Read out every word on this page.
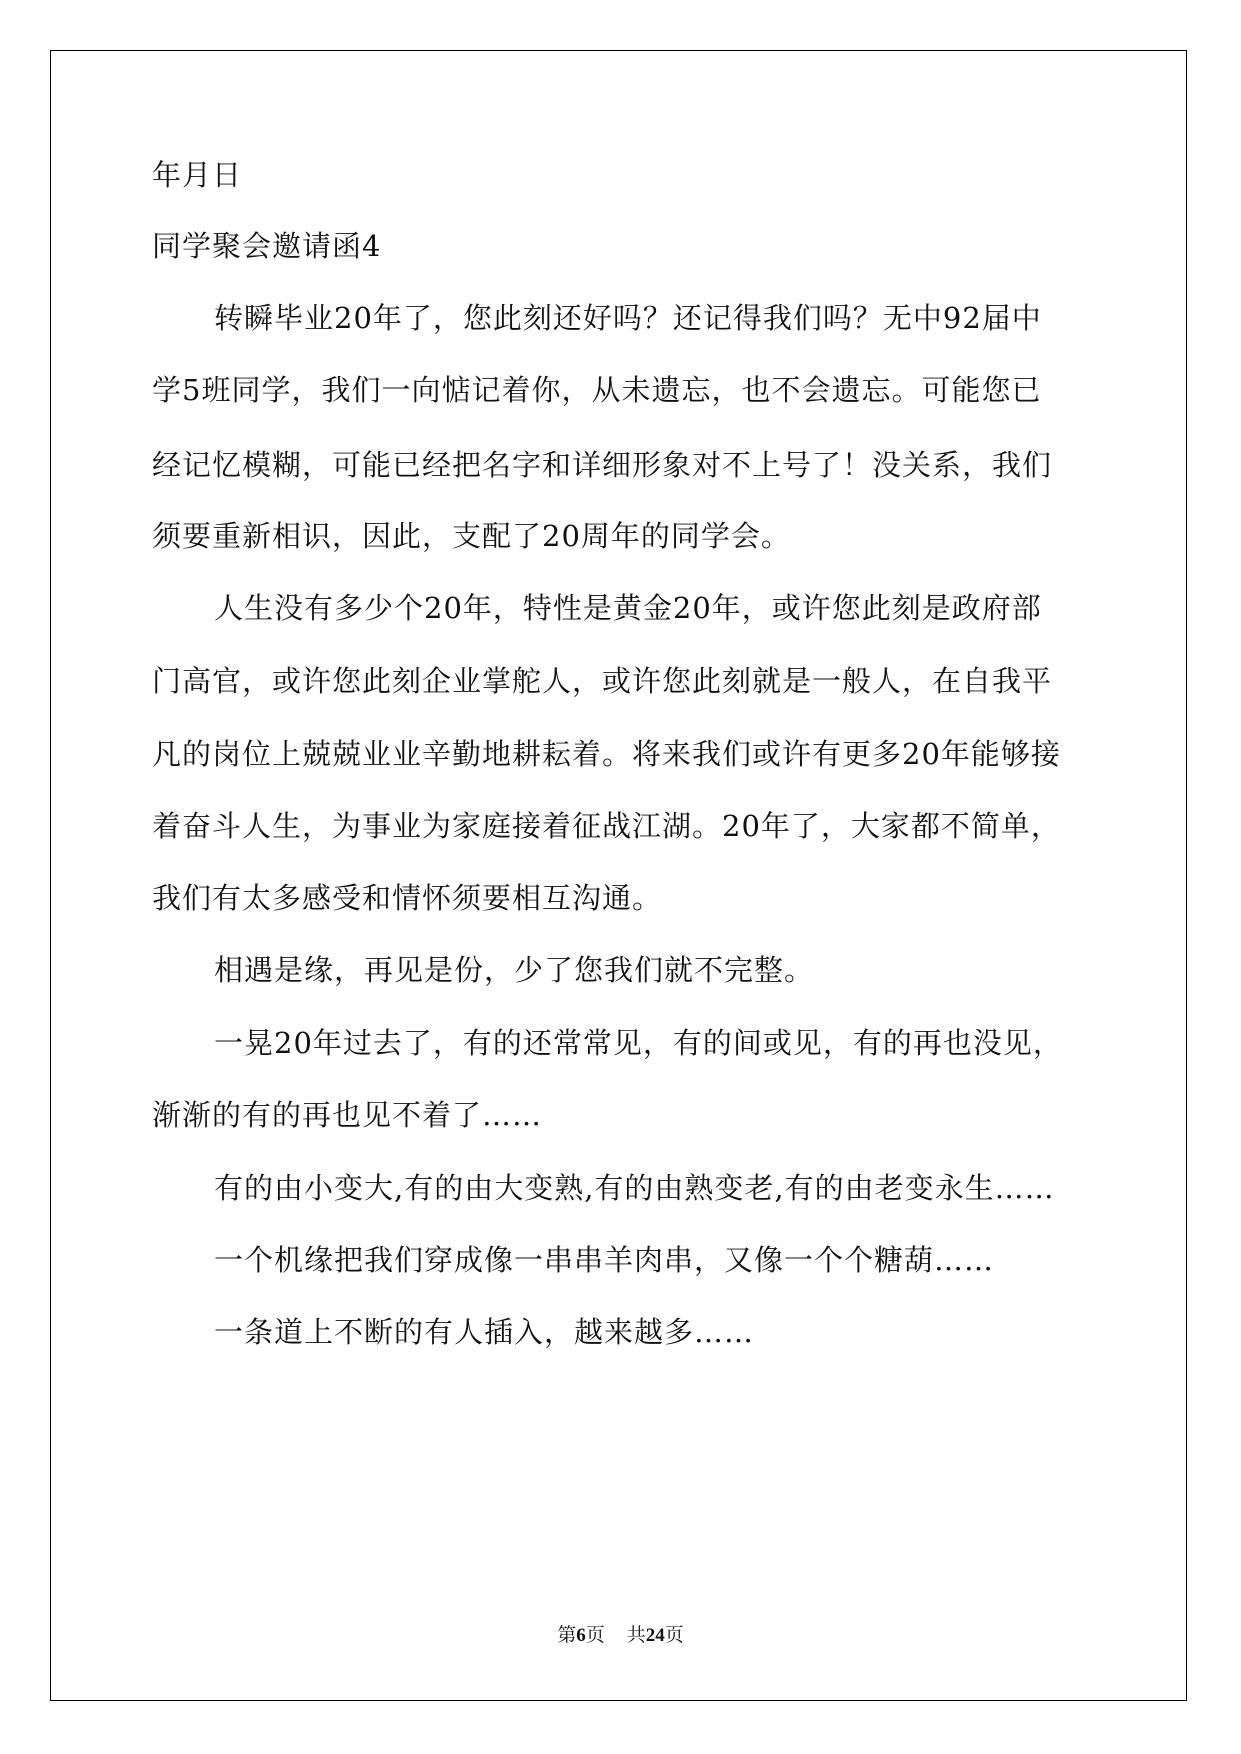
年月日

同学聚会邀请函4

转瞬毕业20年了，您此刻还好吗？还记得我们吗？无中92届中

学5班同学，我们一向惦记着你，从未遗忘，也不会遗忘。可能您已

经记忆模糊，可能已经把名字和详细形象对不上号了！没关系，我们

须要重新相识，因此，支配了20周年的同学会。

人生没有多少个20年，特性是黄金20年，或许您此刻是政府部

门高官，或许您此刻企业掌舵人，或许您此刻就是一般人，在自我平

凡的岗位上兢兢业业辛勤地耕耘着。将来我们或许有更多20年能够接

着奋斗人生，为事业为家庭接着征战江湖。20年了，大家都不简单，

我们有太多感受和情怀须要相互沟通。

相遇是缘，再见是份，少了您我们就不完整。

一晃20年过去了，有的还常常见，有的间或见，有的再也没见，

渐渐的有的再也见不着了……

有的由小变大,有的由大变熟,有的由熟变老,有的由老变永生……

一个机缘把我们穿成像一串串羊肉串，又像一个个糖葫……

一条道上不断的有人插入，越来越多……

第6页 共24页
